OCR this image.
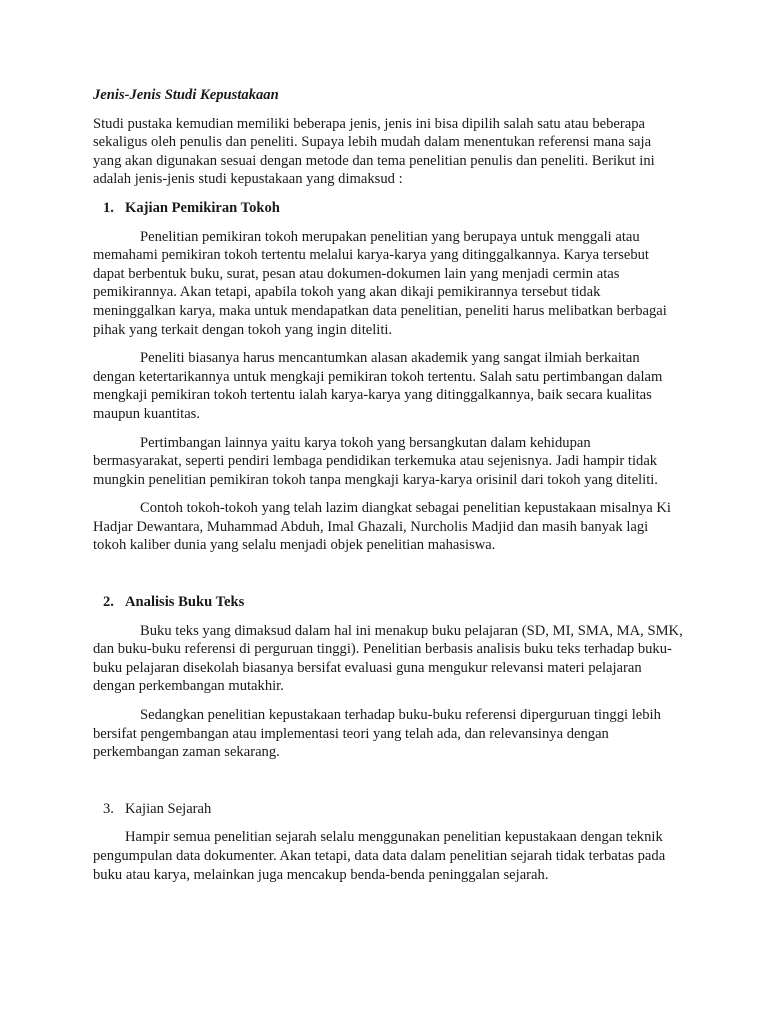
Jenis-Jenis Studi Kepustakaan

Studi pustaka kemudian memiliki beberapa jenis, jenis ini bisa dipilih salah satu atau beberapa sekaligus oleh penulis dan peneliti. Supaya lebih mudah dalam menentukan referensi mana saja yang akan digunakan sesuai dengan metode dan tema penelitian penulis dan peneliti. Berikut ini adalah jenis-jenis studi kepustakaan yang dimaksud :

1. Kajian Pemikiran Tokoh

Penelitian pemikiran tokoh merupakan penelitian yang berupaya untuk menggali atau memahami pemikiran tokoh tertentu melalui karya-karya yang ditinggalkannya. Karya tersebut dapat berbentuk buku, surat, pesan atau dokumen-dokumen lain yang menjadi cermin atas pemikirannya. Akan tetapi, apabila tokoh yang akan dikaji pemikirannya tersebut tidak meninggalkan karya, maka untuk mendapatkan data penelitian, peneliti harus melibatkan berbagai pihak yang terkait dengan tokoh yang ingin diteliti.

Peneliti biasanya harus mencantumkan alasan akademik yang sangat ilmiah berkaitan dengan ketertarikannya untuk mengkaji pemikiran tokoh tertentu. Salah satu pertimbangan dalam mengkaji pemikiran tokoh tertentu ialah karya-karya yang ditinggalkannya, baik secara kualitas maupun kuantitas.

Pertimbangan lainnya yaitu karya tokoh yang bersangkutan dalam kehidupan bermasyarakat, seperti pendiri lembaga pendidikan terkemuka atau sejenisnya. Jadi hampir tidak mungkin penelitian pemikiran tokoh tanpa mengkaji karya-karya orisinil dari tokoh yang diteliti.

Contoh tokoh-tokoh yang telah lazim diangkat sebagai penelitian kepustakaan misalnya Ki Hadjar Dewantara, Muhammad Abduh, Imal Ghazali, Nurcholis Madjid dan masih banyak lagi tokoh kaliber dunia yang selalu menjadi objek penelitian mahasiswa.

2. Analisis Buku Teks

Buku teks yang dimaksud dalam hal ini menakup buku pelajaran (SD, MI, SMA, MA, SMK, dan buku-buku referensi di perguruan tinggi). Penelitian berbasis analisis buku teks terhadap buku-buku pelajaran disekolah biasanya bersifat evaluasi guna mengukur relevansi materi pelajaran dengan perkembangan mutakhir.

Sedangkan penelitian kepustakaan terhadap buku-buku referensi diperguruan tinggi lebih bersifat pengembangan atau implementasi teori yang telah ada, dan relevansinya dengan perkembangan zaman sekarang.

3. Kajian Sejarah

Hampir semua penelitian sejarah selalu menggunakan penelitian kepustakaan dengan teknik pengumpulan data dokumenter. Akan tetapi, data data dalam penelitian sejarah tidak terbatas pada buku atau karya, melainkan juga mencakup benda-benda peninggalan sejarah.
